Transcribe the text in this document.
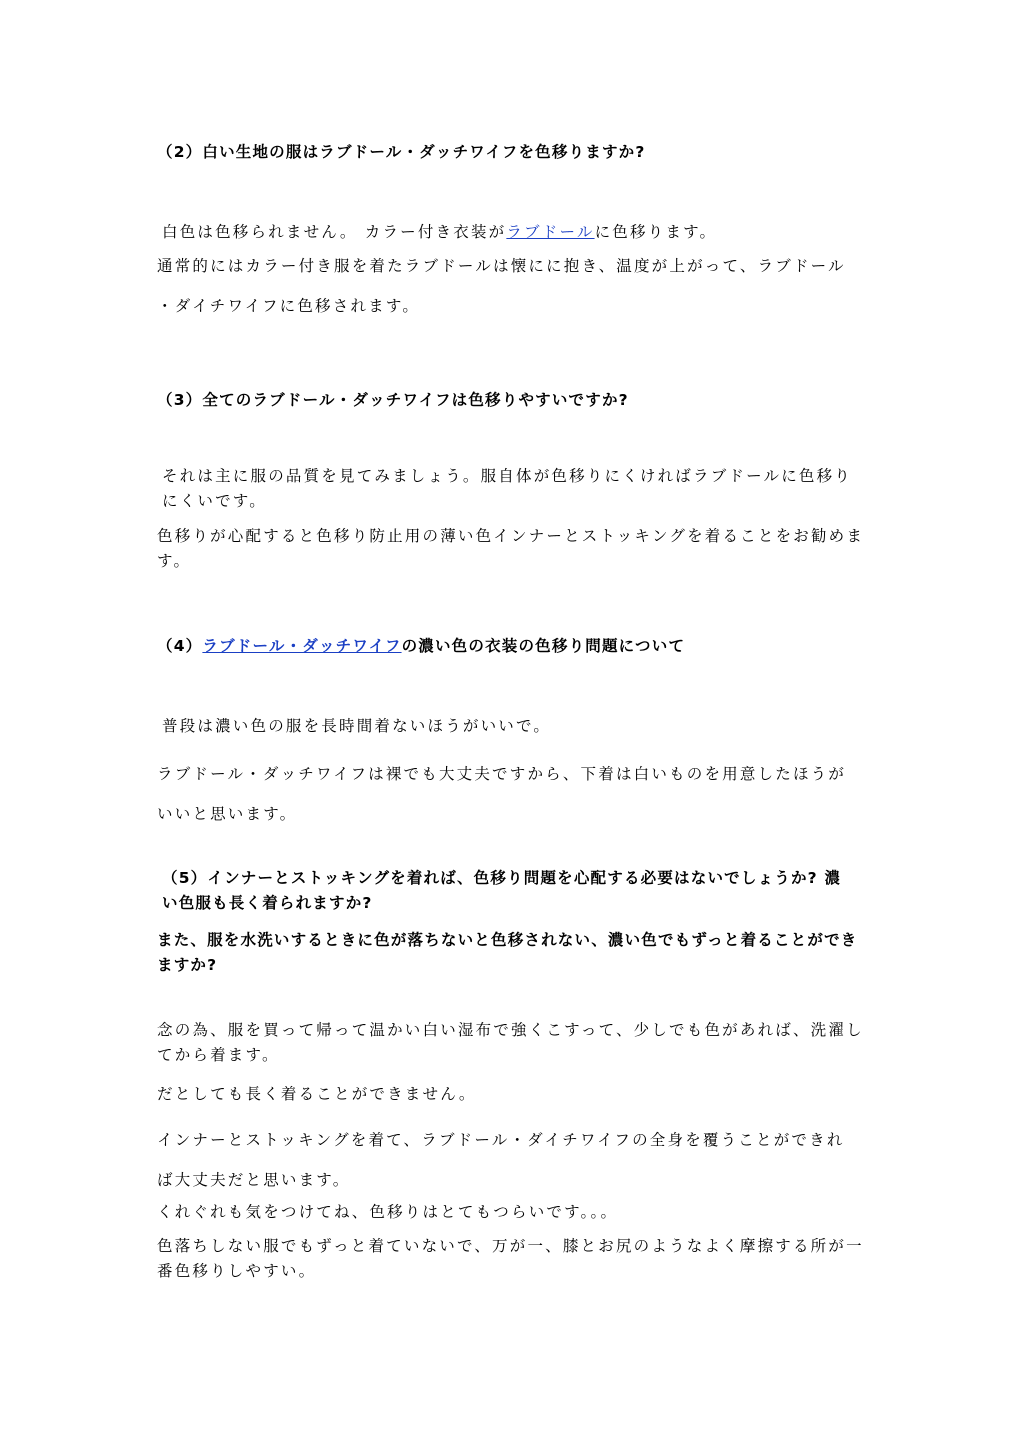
（2）白い生地の服はラブドール・ダッチワイフを色移りますか?
白色は色移られません。 カラー付き衣装がラブドールに色移ります。
通常的にはカラー付き服を着たラブドールは懐にに抱き、温度が上がって、ラブドール
・ダイチワイフに色移されます。
（3）全てのラブドール・ダッチワイフは色移りやすいですか?
それは主に服の品質を見てみましょう。服自体が色移りにくければラブドールに色移りにくいです。
色移りが心配すると色移り防止用の薄い色インナーとストッキングを着ることをお勧めます。
（4）ラブドール・ダッチワイフの濃い色の衣装の色移り問題について
普段は濃い色の服を長時間着ないほうがいいで。
ラブドール・ダッチワイフは裸でも大丈夫ですから、下着は白いものを用意したほうが
いいと思います。
（5）インナーとストッキングを着れば、色移り問題を心配する必要はないでしょうか? 濃い色服も長く着られますか?
また、服を水洗いするときに色が落ちないと色移されない、濃い色でもずっと着ることができますか?
念の為、服を買って帰って温かい白い湿布で強くこすって、少しでも色があれば、洗濯してから着ます。
だとしても長く着ることができません。
インナーとストッキングを着て、ラブドール・ダイチワイフの全身を覆うことができれ
ば大丈夫だと思います。
くれぐれも気をつけてね、色移りはとてもつらいです。。。
色落ちしない服でもずっと着ていないで、万が一、膝とお尻のようなよく摩擦する所が一番色移りしやすい。
